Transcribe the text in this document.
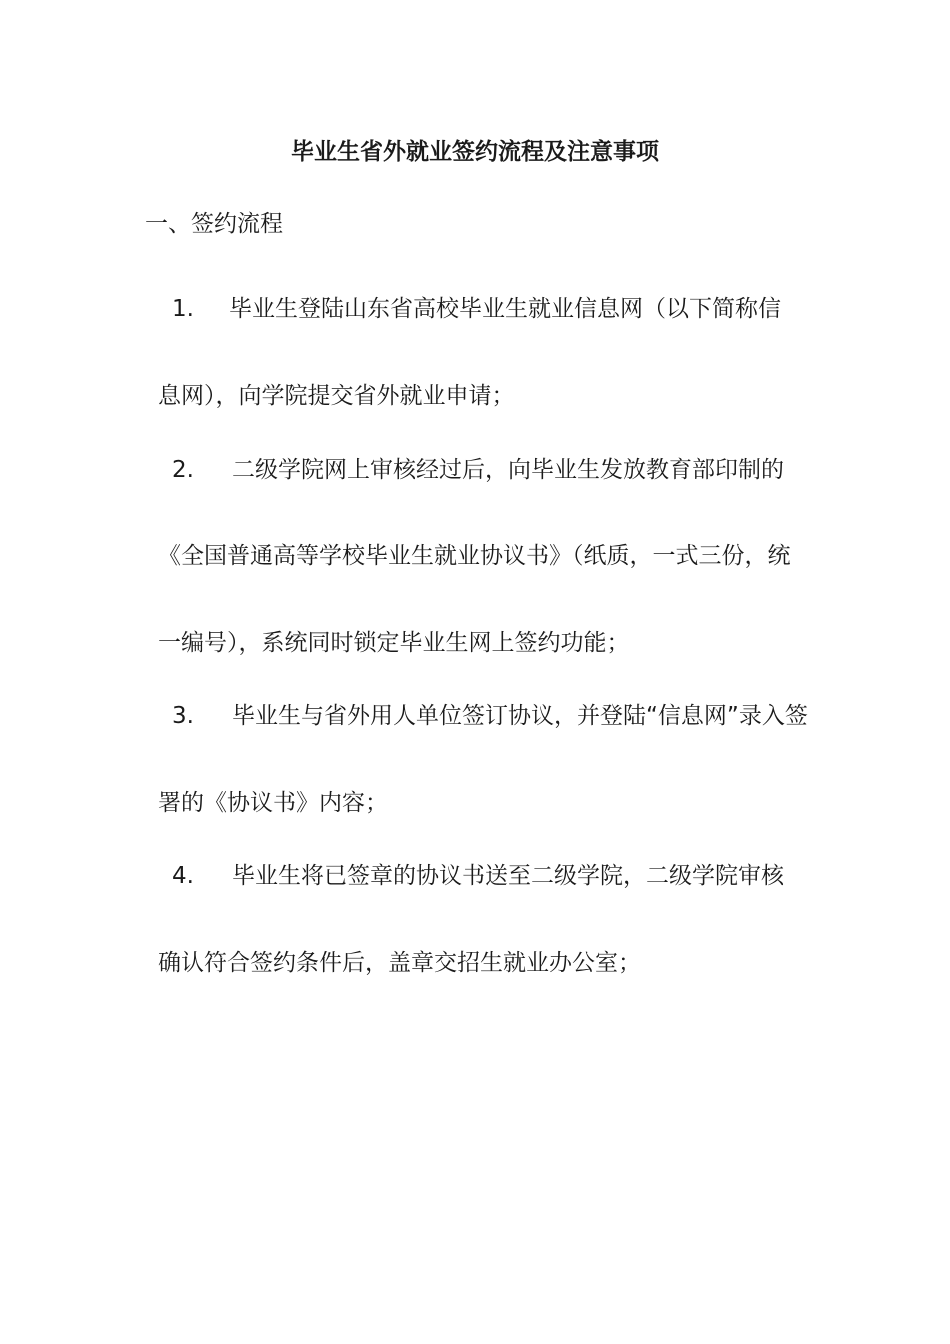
毕业生省外就业签约流程及注意事项
一、签约流程
1. 毕业生登陆山东省高校毕业生就业信息网（以下简称信
息网），向学院提交省外就业申请；
2. 二级学院网上审核经过后，向毕业生发放教育部印制的
《全国普通高等学校毕业生就业协议书》（纸质，一式三份，统
一编号），系统同时锁定毕业生网上签约功能；
3. 毕业生与省外用人单位签订协议，并登陆“信息网”录入签
署的《协议书》内容；
4. 毕业生将已签章的协议书送至二级学院，二级学院审核
确认符合签约条件后，盖章交招生就业办公室；
